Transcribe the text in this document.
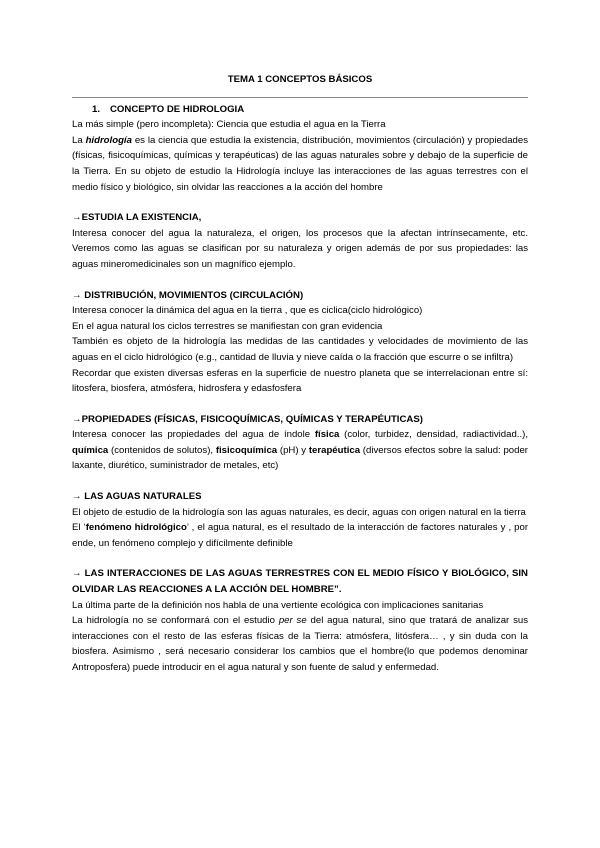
TEMA 1 CONCEPTOS BÁSICOS

1. CONCEPTO DE HIDROLOGIA

La más simple (pero incompleta): Ciencia que estudia el agua en la Tierra

La hidrología es la ciencia que estudia la existencia, distribución, movimientos (circulación) y propiedades (físicas, fisicoquímicas, químicas y terapéuticas) de las aguas naturales sobre y debajo de la superficie de la Tierra. En su objeto de estudio la Hidrología incluye las interacciones de las aguas terrestres con el medio físico y biológico, sin olvidar las reacciones a la acción del hombre

→ESTUDIA LA EXISTENCIA,

Interesa conocer del agua la naturaleza, el origen, los procesos que la afectan intrínsecamente, etc. Veremos como las aguas se clasifican por su naturaleza y origen además de por sus propiedades: las aguas mineromedicinales son un magnífico ejemplo.

→ DISTRIBUCIÓN, MOVIMIENTOS (CIRCULACIÓN)

Interesa conocer la dinámica del agua en la tierra , que es ciclica(ciclo hidrológico)

En el agua natural los ciclos terrestres se manifiestan con gran evidencia

También es objeto de la hidrología las medidas de las cantidades y velocidades de movimiento de las aguas en el ciclo hidrológico (e.g., cantidad de lluvia y nieve caída o la fracción que escurre o se infiltra)

Recordar que existen diversas esferas en la superficie de nuestro planeta que se interrelacionan entre sí: litosfera, biosfera, atmósfera, hidrosfera y edasfosfera

→PROPIEDADES (FÍSICAS, FISICOQUÍMICAS, QUÍMICAS Y TERAPÉUTICAS)

Interesa conocer las propiedades del agua de índole física (color, turbidez, densidad, radiactividad..), química (contenidos de solutos), fisicoquímica (pH) y terapéutica (diversos efectos sobre la salud: poder laxante, diurético, suministrador de metales, etc)

→ LAS AGUAS NATURALES

El objeto de estudio de la hidrología son las aguas naturales, es decir, aguas con origen natural en la tierra

El ‘fenómeno hidrológico’ , el agua natural, es el resultado de la interacción de factores naturales y , por ende, un fenómeno complejo y difícilmente definible

→ LAS INTERACCIONES DE LAS AGUAS TERRESTRES CON EL MEDIO FÍSICO Y BIOLÓGICO, SIN OLVIDAR LAS REACCIONES A LA ACCIÓN DEL HOMBRE”.

La última parte de la definición nos habla de una vertiente ecológica con implicaciones sanitarias

La hidrología no se conformará con el estudio per se del agua natural, sino que tratará de analizar sus interacciones con el resto de las esferas físicas de la Tierra: atmósfera, litósfera… , y sin duda con la biosfera. Asimismo , será necesario considerar los cambios que el hombre(lo que podemos denominar Antroposfera) puede introducir en el agua natural y son fuente de salud y enfermedad.
